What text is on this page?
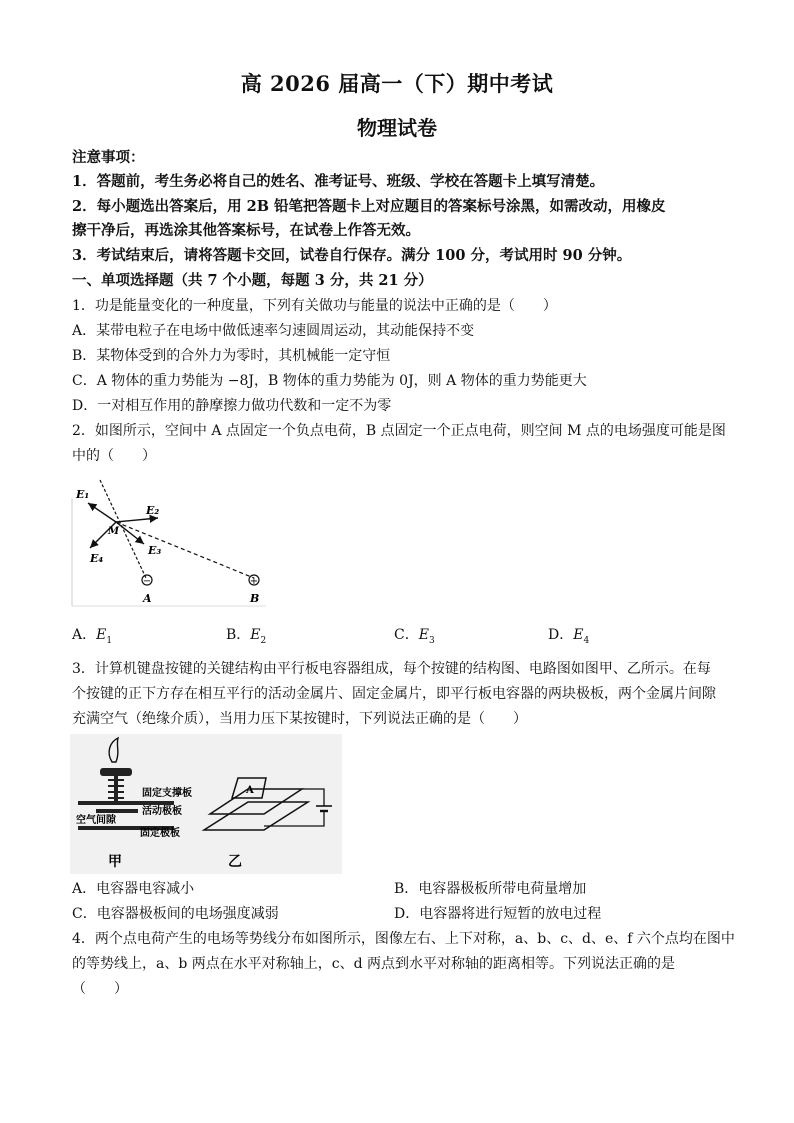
高 2026 届高一（下）期中考试
物理试卷
注意事项：
1．答题前，考生务必将自己的姓名、准考证号、班级、学校在答题卡上填写清楚。
2．每小题选出答案后，用 2B 铅笔把答题卡上对应题目的答案标号涂黑，如需改动，用橡皮
擦干净后，再选涂其他答案标号，在试卷上作答无效。
3．考试结束后，请将答题卡交回，试卷自行保存。满分 100 分，考试用时 90 分钟。
一、单项选择题（共 7 个小题，每题 3 分，共 21 分）
1．功是能量变化的一种度量，下列有关做功与能量的说法中正确的是（　　）
A．某带电粒子在电场中做低速率匀速圆周运动，其动能保持不变
B．某物体受到的合外力为零时，其机械能一定守恒
C．A 物体的重力势能为 −8J，B 物体的重力势能为 0J，则 A 物体的重力势能更大
D．一对相互作用的静摩擦力做功代数和一定不为零
2．如图所示，空间中 A 点固定一个负点电荷，B 点固定一个正点电荷，则空间 M 点的电场强度可能是图
中的（　　）
E₁
E₂
E₃
E₄
M
−	+
A	B
A．$E_1$	B．$E_2$	C．$E_3$	D．$E_4$
3．计算机键盘按键的关键结构由平行板电容器组成，每个按键的结构图、电路图如图甲、乙所示。在每
个按键的正下方存在相互平行的活动金属片、固定金属片，即平行板电容器的两块极板，两个金属片间隙
充满空气（绝缘介质），当用力压下某按键时，下列说法正确的是（　　）
固定支撑板
活动极板
空气间隙
固定极板
甲
A
乙
A．电容器电容减小	B．电容器极板所带电荷量增加
C．电容器极板间的电场强度减弱	D．电容器将进行短暂的放电过程
4．两个点电荷产生的电场等势线分布如图所示，图像左右、上下对称，a、b、c、d、e、f 六个点均在图中
的等势线上，a、b 两点在水平对称轴上，c、d 两点到水平对称轴的距离相等。下列说法正确的是
（　　）
